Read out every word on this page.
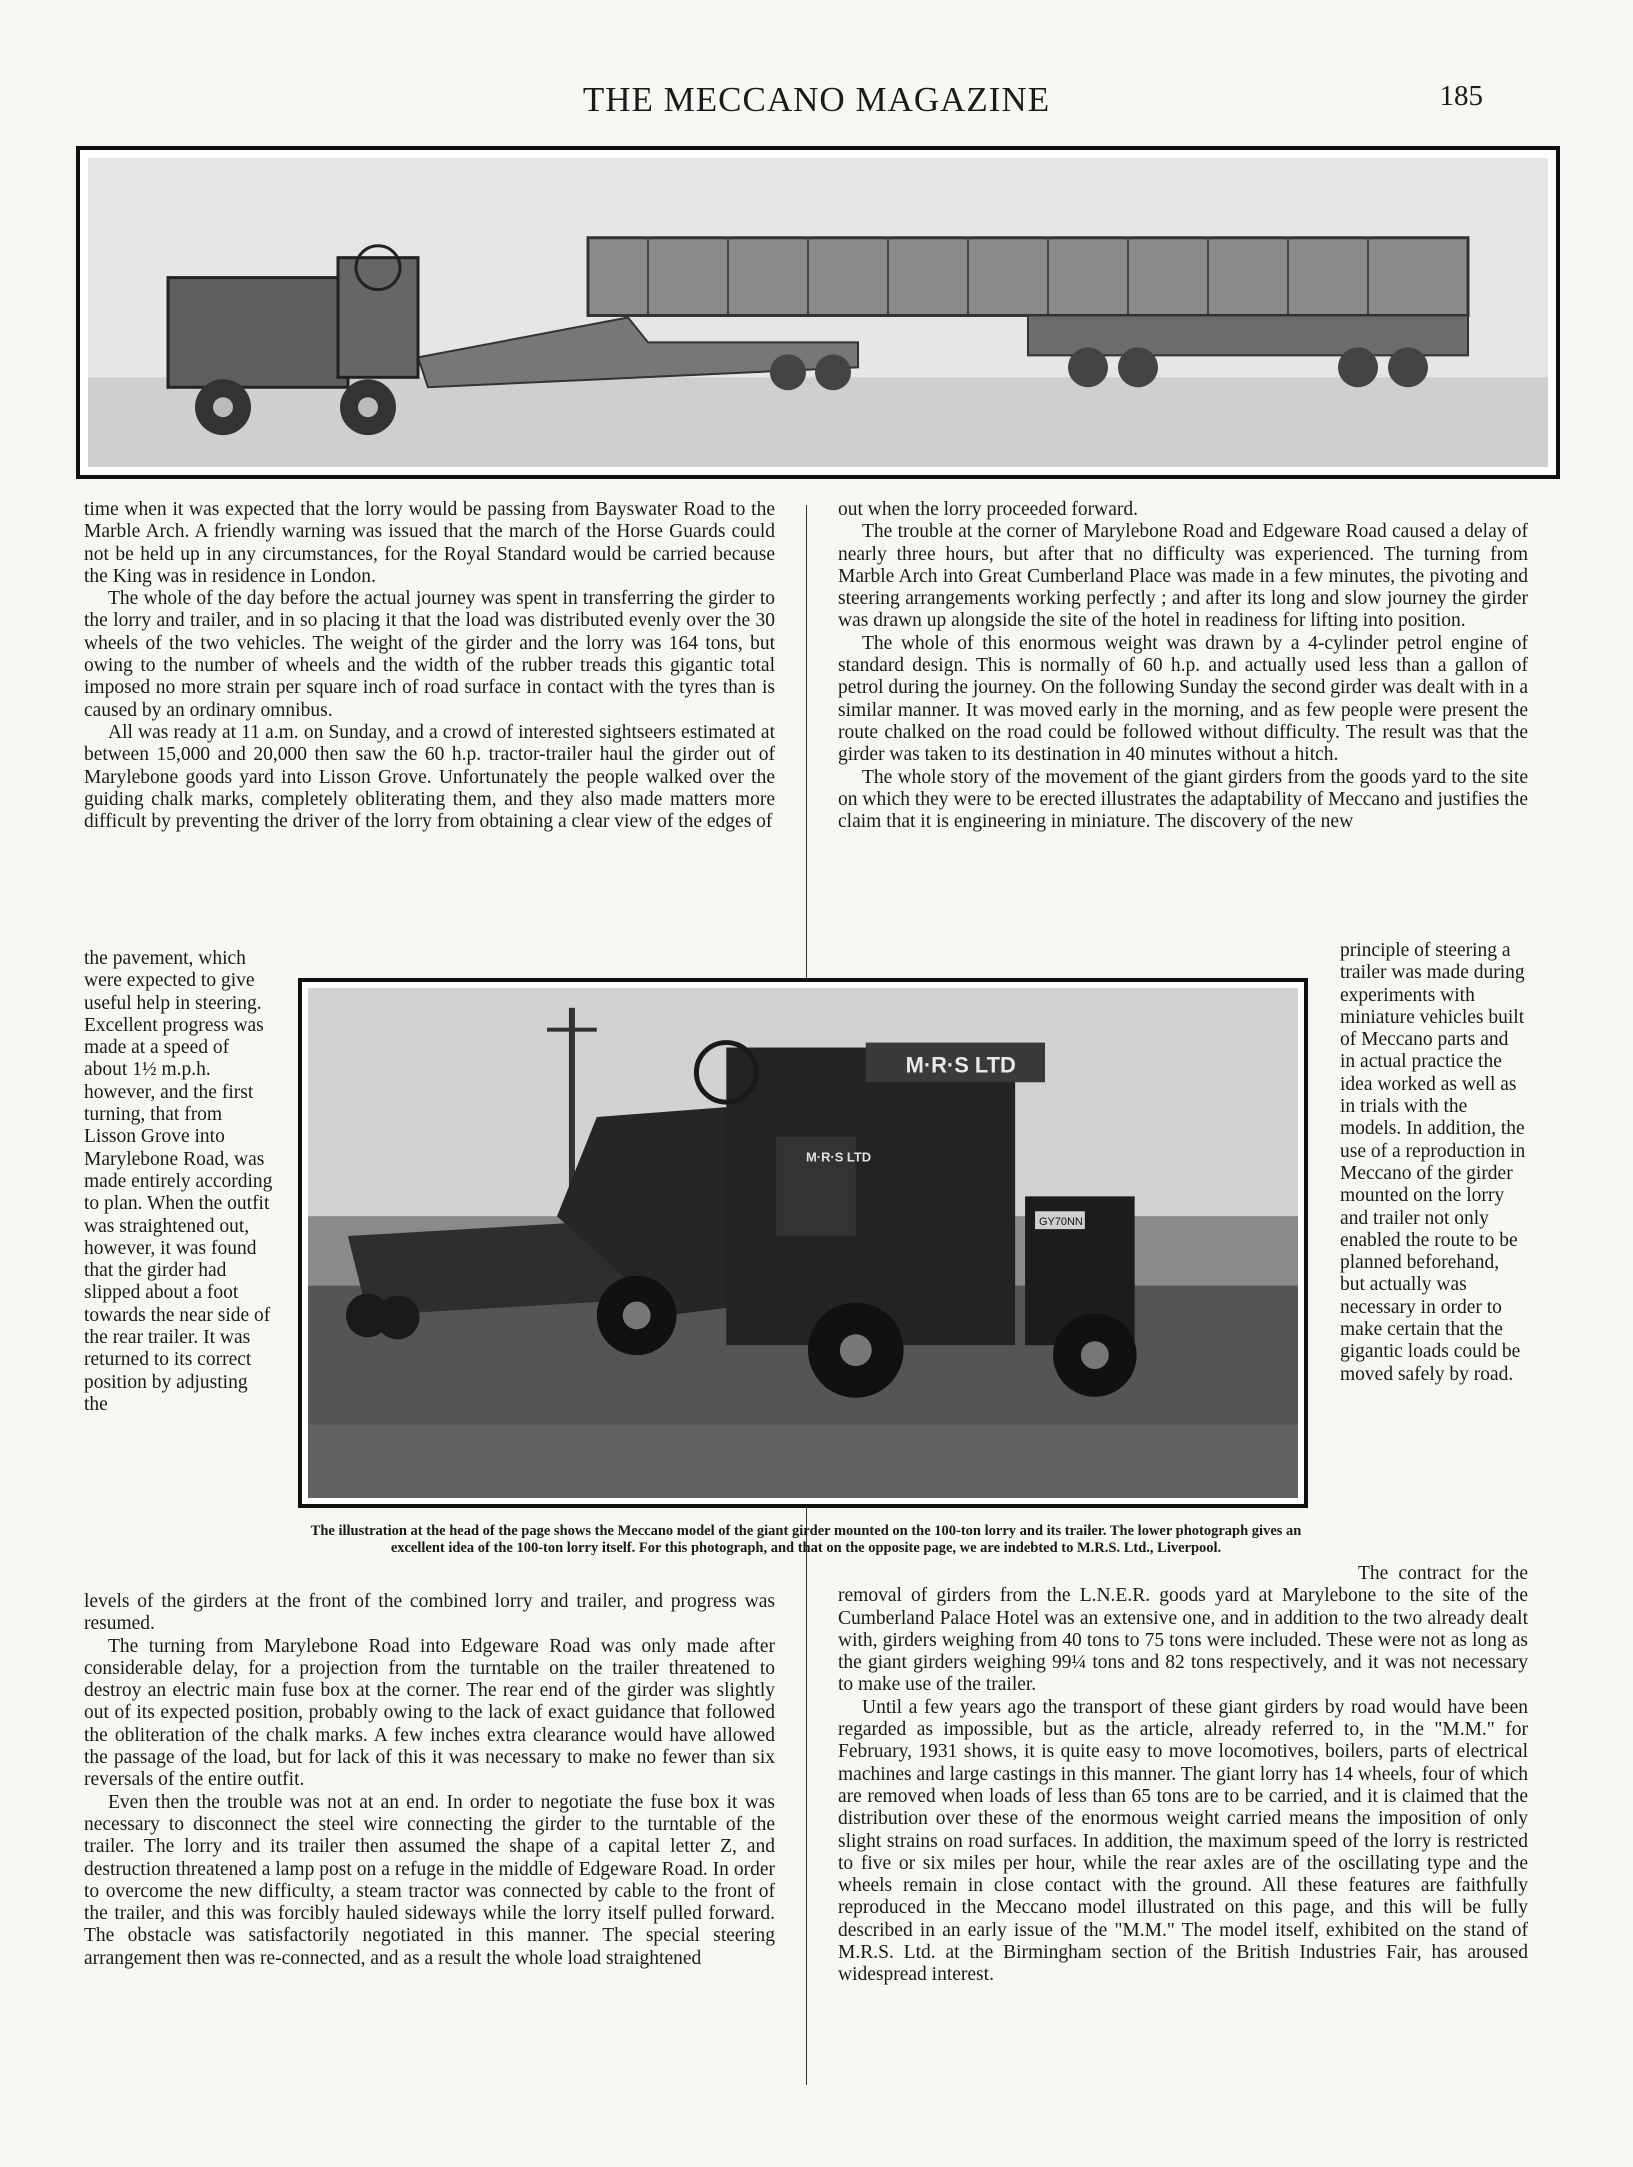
THE MECCANO MAGAZINE	185

time when it was expected that the lorry would be passing from Bayswater Road to the Marble Arch. A friendly warning was issued that the march of the Horse Guards could not be held up in any circumstances, for the Royal Standard would be carried because the King was in residence in London.

The whole of the day before the actual journey was spent in transferring the girder to the lorry and trailer, and in so placing it that the load was distributed evenly over the 30 wheels of the two vehicles. The weight of the girder and the lorry was 164 tons, but owing to the number of wheels and the width of the rubber treads this gigantic total imposed no more strain per square inch of road surface in contact with the tyres than is caused by an ordinary omnibus.

All was ready at 11 a.m. on Sunday, and a crowd of interested sightseers estimated at between 15,000 and 20,000 then saw the 60 h.p. tractor-trailer haul the girder out of Marylebone goods yard into Lisson Grove. Unfortunately the people walked over the guiding chalk marks, completely obliterating them, and they also made matters more difficult by preventing the driver of the lorry from obtaining a clear view of the edges of

the pavement, which were expected to give useful help in steering. Excellent progress was made at a speed of about 1½ m.p.h. however, and the first turning, that from Lisson Grove into Marylebone Road, was made entirely according to plan. When the outfit was straightened out, however, it was found that the girder had slipped about a foot towards the near side of the rear trailer. It was returned to its correct position by adjusting the

levels of the girders at the front of the combined lorry and trailer, and progress was resumed.

The turning from Marylebone Road into Edgeware Road was only made after considerable delay, for a projection from the turntable on the trailer threatened to destroy an electric main fuse box at the corner. The rear end of the girder was slightly out of its expected position, probably owing to the lack of exact guidance that followed the obliteration of the chalk marks. A few inches extra clearance would have allowed the passage of the load, but for lack of this it was necessary to make no fewer than six reversals of the entire outfit.

Even then the trouble was not at an end. In order to negotiate the fuse box it was necessary to disconnect the steel wire connecting the girder to the turntable of the trailer. The lorry and its trailer then assumed the shape of a capital letter Z, and destruction threatened a lamp post on a refuge in the middle of Edgeware Road. In order to overcome the new difficulty, a steam tractor was connected by cable to the front of the trailer, and this was forcibly hauled sideways while the lorry itself pulled forward. The obstacle was satisfactorily negotiated in this manner. The special steering arrangement then was re-connected, and as a result the whole load straightened

out when the lorry proceeded forward.

The trouble at the corner of Marylebone Road and Edgeware Road caused a delay of nearly three hours, but after that no difficulty was experienced. The turning from Marble Arch into Great Cumberland Place was made in a few minutes, the pivoting and steering arrangements working perfectly ; and after its long and slow journey the girder was drawn up alongside the site of the hotel in readiness for lifting into position.

The whole of this enormous weight was drawn by a 4-cylinder petrol engine of standard design. This is normally of 60 h.p. and actually used less than a gallon of petrol during the journey. On the following Sunday the second girder was dealt with in a similar manner. It was moved early in the morning, and as few people were present the route chalked on the road could be followed without difficulty. The result was that the girder was taken to its destination in 40 minutes without a hitch.

The whole story of the movement of the giant girders from the goods yard to the site on which they were to be erected illustrates the adaptability of Meccano and justifies the claim that it is engineering in miniature. The discovery of the new

principle of steering a trailer was made during experiments with miniature vehicles built of Meccano parts and in actual practice the idea worked as well as in trials with the models. In addition, the use of a reproduction in Meccano of the girder mounted on the lorry and trailer not only enabled the route to be planned beforehand, but actually was necessary in order to make certain that the gigantic loads could be moved safely by road.

The contract for the removal of girders from the L.N.E.R. goods yard at Marylebone to the site of the Cumberland Palace Hotel was an extensive one, and in addition to the two already dealt with, girders weighing from 40 tons to 75 tons were included. These were not as long as the giant girders weighing 99¼ tons and 82 tons respectively, and it was not necessary to make use of the trailer.

Until a few years ago the transport of these giant girders by road would have been regarded as impossible, but as the article, already referred to, in the "M.M." for February, 1931 shows, it is quite easy to move locomotives, boilers, parts of electrical machines and large castings in this manner. The giant lorry has 14 wheels, four of which are removed when loads of less than 65 tons are to be carried, and it is claimed that the distribution over these of the enormous weight carried means the imposition of only slight strains on road surfaces. In addition, the maximum speed of the lorry is restricted to five or six miles per hour, while the rear axles are of the oscillating type and the wheels remain in close contact with the ground. All these features are faithfully reproduced in the Meccano model illustrated on this page, and this will be fully described in an early issue of the "M.M." The model itself, exhibited on the stand of M.R.S. Ltd. at the Birmingham section of the British Industries Fair, has aroused widespread interest.

M·R·S LTD
M·R·S LTD
GY70NN
The illustration at the head of the page shows the Meccano model of the giant girder mounted on the 100-ton lorry and its trailer. The lower photograph gives an excellent idea of the 100-ton lorry itself. For this photograph, and that on the opposite page, we are indebted to M.R.S. Ltd., Liverpool.
